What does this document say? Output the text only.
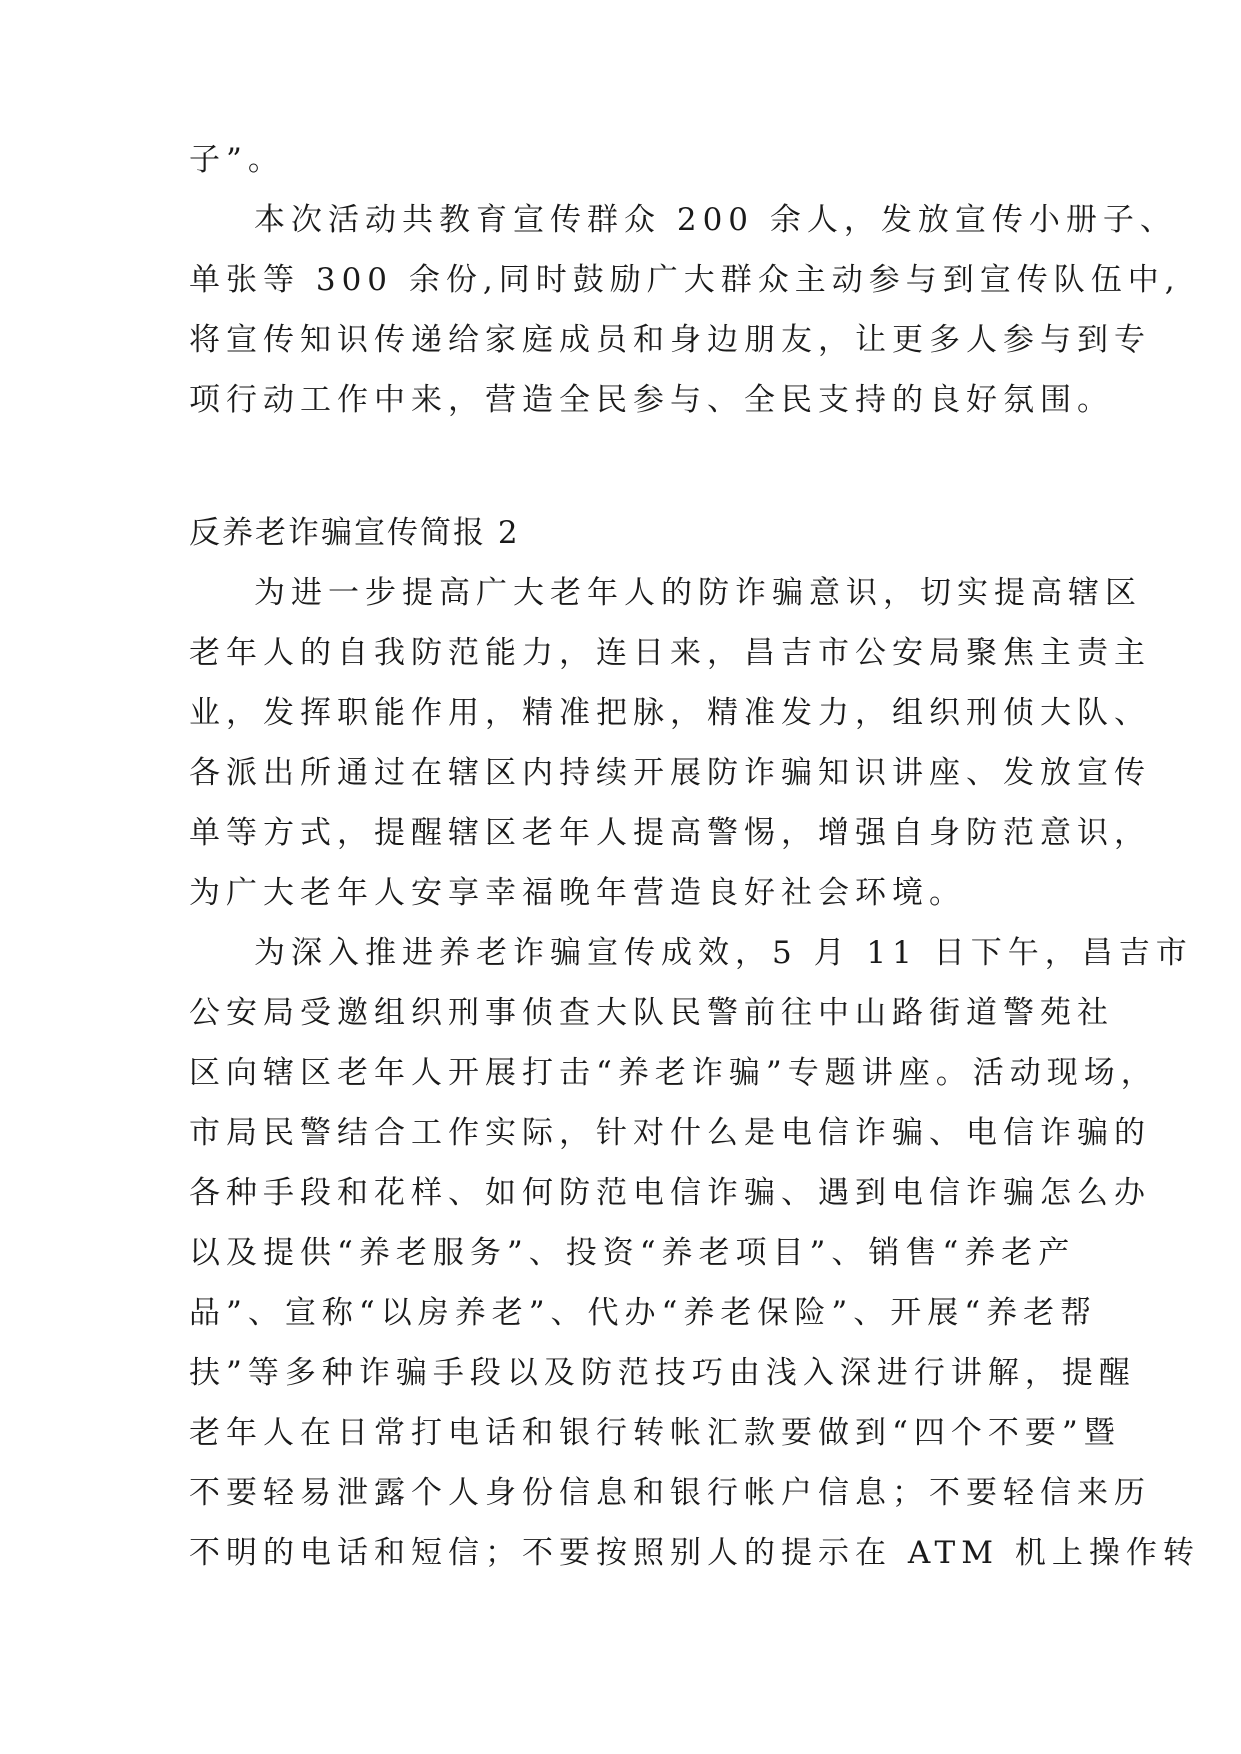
子”。
本次活动共教育宣传群众 200 余人，发放宣传小册子、
单张等 300 余份,同时鼓励广大群众主动参与到宣传队伍中,
将宣传知识传递给家庭成员和身边朋友，让更多人参与到专
项行动工作中来，营造全民参与、全民支持的良好氛围。
反养老诈骗宣传简报 2
为进一步提高广大老年人的防诈骗意识，切实提高辖区
老年人的自我防范能力，连日来，昌吉市公安局聚焦主责主
业，发挥职能作用，精准把脉，精准发力，组织刑侦大队、
各派出所通过在辖区内持续开展防诈骗知识讲座、发放宣传
单等方式，提醒辖区老年人提高警惕，增强自身防范意识，
为广大老年人安享幸福晚年营造良好社会环境。
为深入推进养老诈骗宣传成效，5 月 11 日下午，昌吉市
公安局受邀组织刑事侦查大队民警前往中山路街道警苑社
区向辖区老年人开展打击“养老诈骗”专题讲座。活动现场，
市局民警结合工作实际，针对什么是电信诈骗、电信诈骗的
各种手段和花样、如何防范电信诈骗、遇到电信诈骗怎么办
以及提供“养老服务”、投资“养老项目”、销售“养老产
品”、宣称“以房养老”、代办“养老保险”、开展“养老帮
扶”等多种诈骗手段以及防范技巧由浅入深进行讲解，提醒
老年人在日常打电话和银行转帐汇款要做到“四个不要”暨
不要轻易泄露个人身份信息和银行帐户信息；不要轻信来历
不明的电话和短信；不要按照别人的提示在 ATM 机上操作转
